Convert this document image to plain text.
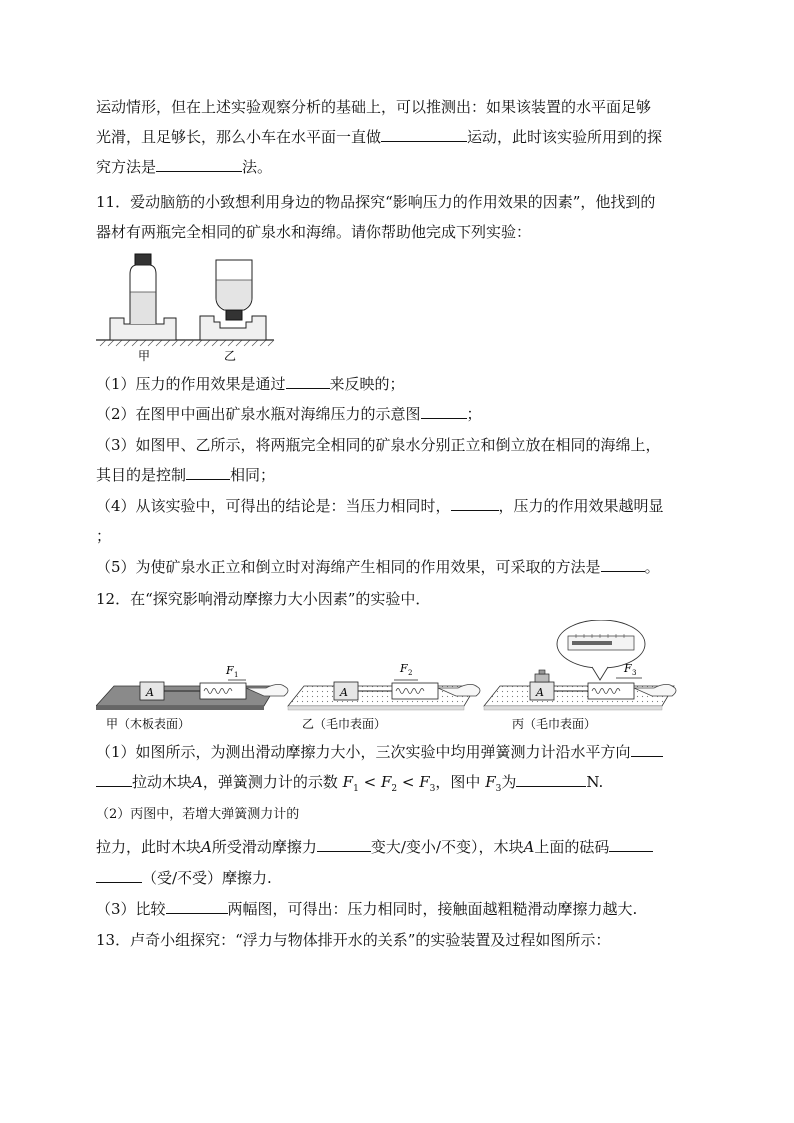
运动情形，但在上述实验观察分析的基础上，可以推测出：如果该装置的水平面足够
光滑，且足够长，那么小车在水平面一直做	运动，此时该实验所用到的探
究方法是	法。
11．爱动脑筋的小致想利用身边的物品探究“影响压力的作用效果的因素”，他找到的
器材有两瓶完全相同的矿泉水和海绵。请你帮助他完成下列实验：
甲	乙
（1）压力的作用效果是通过	来反映的；
（2）在图甲中画出矿泉水瓶对海绵压力的示意图	；
（3）如图甲、乙所示，将两瓶完全相同的矿泉水分别正立和倒立放在相同的海绵上，
其目的是控制	相同；
（4）从该实验中，可得出的结论是：当压力相同时，	，压力的作用效果越明显
；
（5）为使矿泉水正立和倒立时对海绵产生相同的作用效果，可采取的方法是	。
12．在“探究影响滑动摩擦力大小因素”的实验中．
A
F 1
A
F 2
A
F 3
甲（木板表面）	乙（毛巾表面）	丙（毛巾表面）
（1）如图所示，为测出滑动摩擦力大小，三次实验中均用弹簧测力计沿水平方向
拉动木块A，弹簧测力计的示数 $F_1 < F_2 < F_3$，图中 $F_3$为	N.
（2）丙图中，若增大弹簧测力计的
拉力，此时木块A所受滑动摩擦力	变大/变小/不变），木块A上面的砝码
（受/不受）摩擦力.
（3）比较	两幅图，可得出：压力相同时，接触面越粗糙滑动摩擦力越大.
13．卢奇小组探究：“浮力与物体排开水的关系”的实验装置及过程如图所示：
